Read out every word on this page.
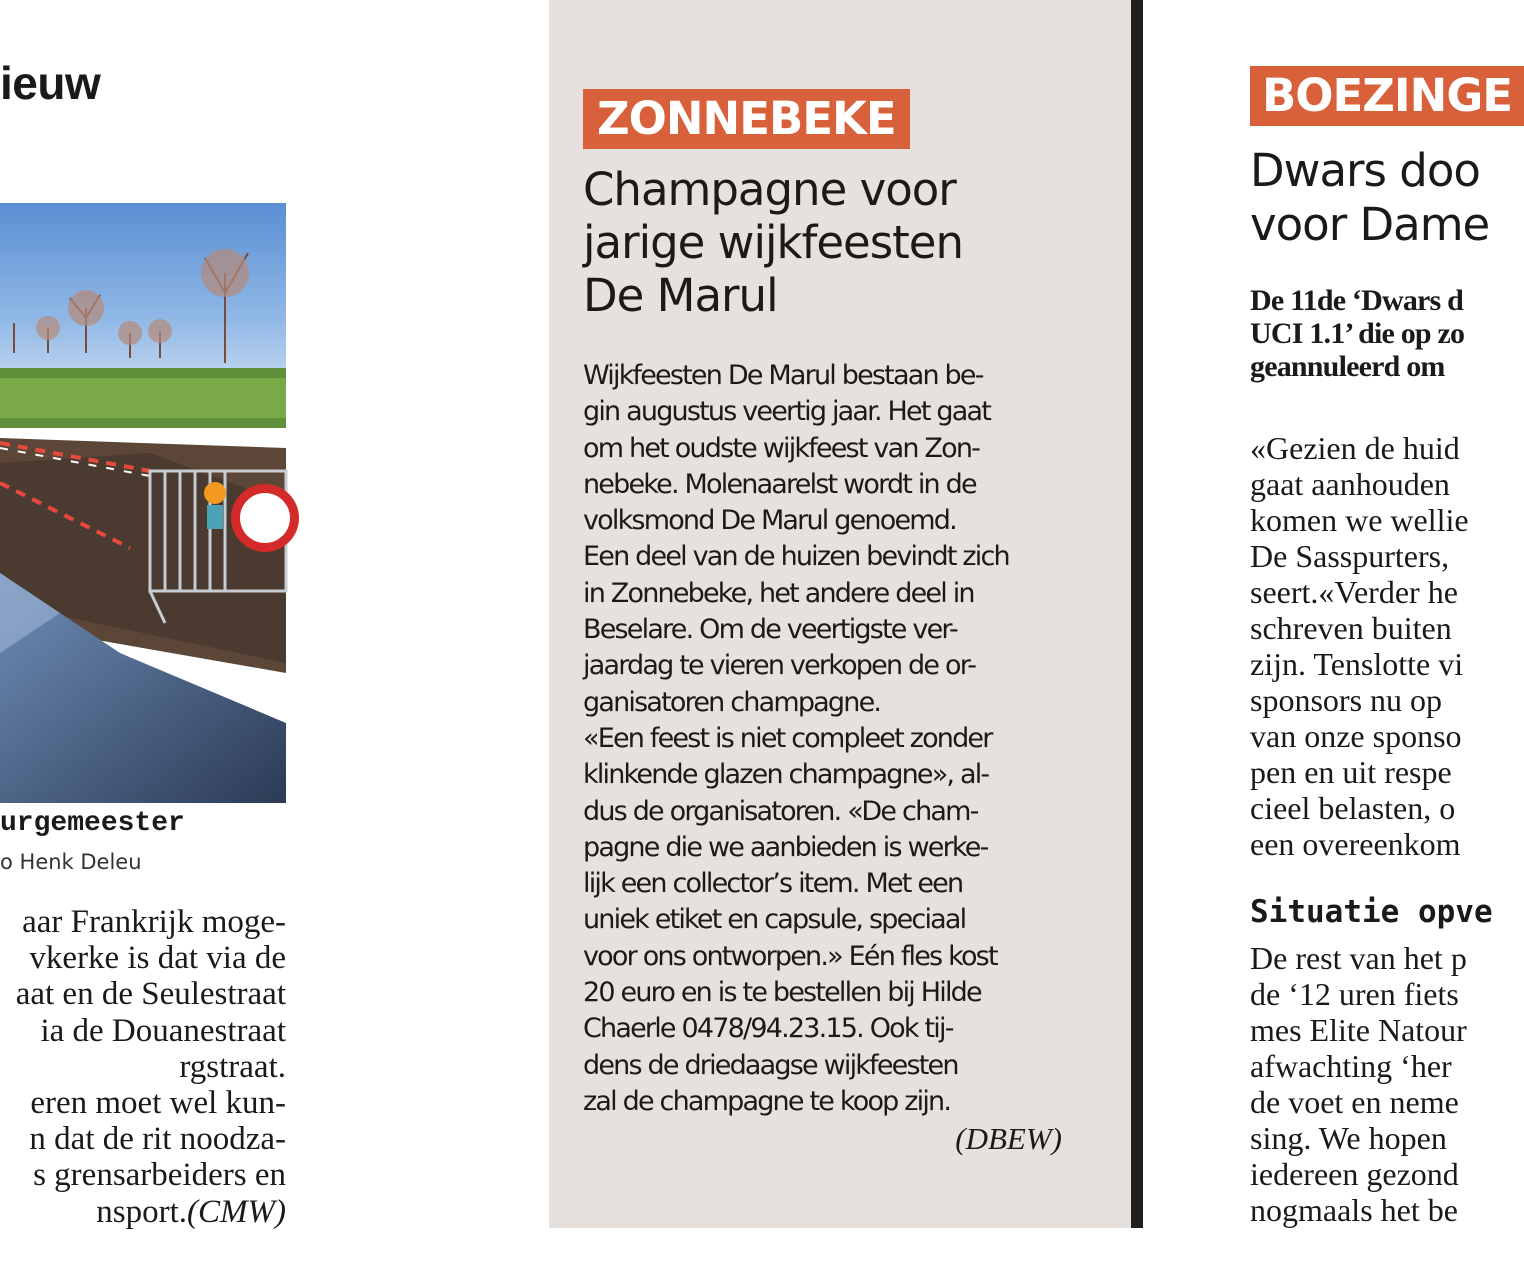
ieuw
urgemeester
o Henk Deleu
aar Frankrijk moge-
vkerke is dat via de
aat en de Seulestraat
ia de Douanestraat
rgstraat.
eren moet wel kun-
n dat de rit noodza-
s grensarbeiders en
nsport.(CMW)
ZONNEBEKE
Champagne voor
jarige wijkfeesten
De Marul
Wijkfeesten De Marul bestaan be-
gin augustus veertig jaar. Het gaat
om het oudste wijkfeest van Zon-
nebeke. Molenaarelst wordt in de
volksmond De Marul genoemd.
Een deel van de huizen bevindt zich
in Zonnebeke, het andere deel in
Beselare. Om de veertigste ver-
jaardag te vieren verkopen de or-
ganisatoren champagne.
«Een feest is niet compleet zonder
klinkende glazen champagne», al-
dus de organisatoren. «De cham-
pagne die we aanbieden is werke-
lijk een collector’s item. Met een
uniek etiket en capsule, speciaal
voor ons ontworpen.» Eén fles kost
20 euro en is te bestellen bij Hilde
Chaerle 0478/94.23.15. Ook tij-
dens de driedaagse wijkfeesten
zal de champagne te koop zijn.
(DBEW)
BOEZINGE
Dwars doo
voor Dame
De 11de ‘Dwars d
UCI 1.1’ die op zo
geannuleerd om
«Gezien de huid
gaat aanhouden
komen we wellie
De Sasspurters,
seert.«Verder he
schreven buiten
zijn. Tenslotte vi
sponsors nu op
van onze sponso
pen en uit respe
cieel belasten, o
een overeenkom
Situatie opve
De rest van het p
de ‘12 uren fiets
mes Elite Natour
afwachting ‘her
de voet en neme
sing. We hopen
iedereen gezond
nogmaals het be
